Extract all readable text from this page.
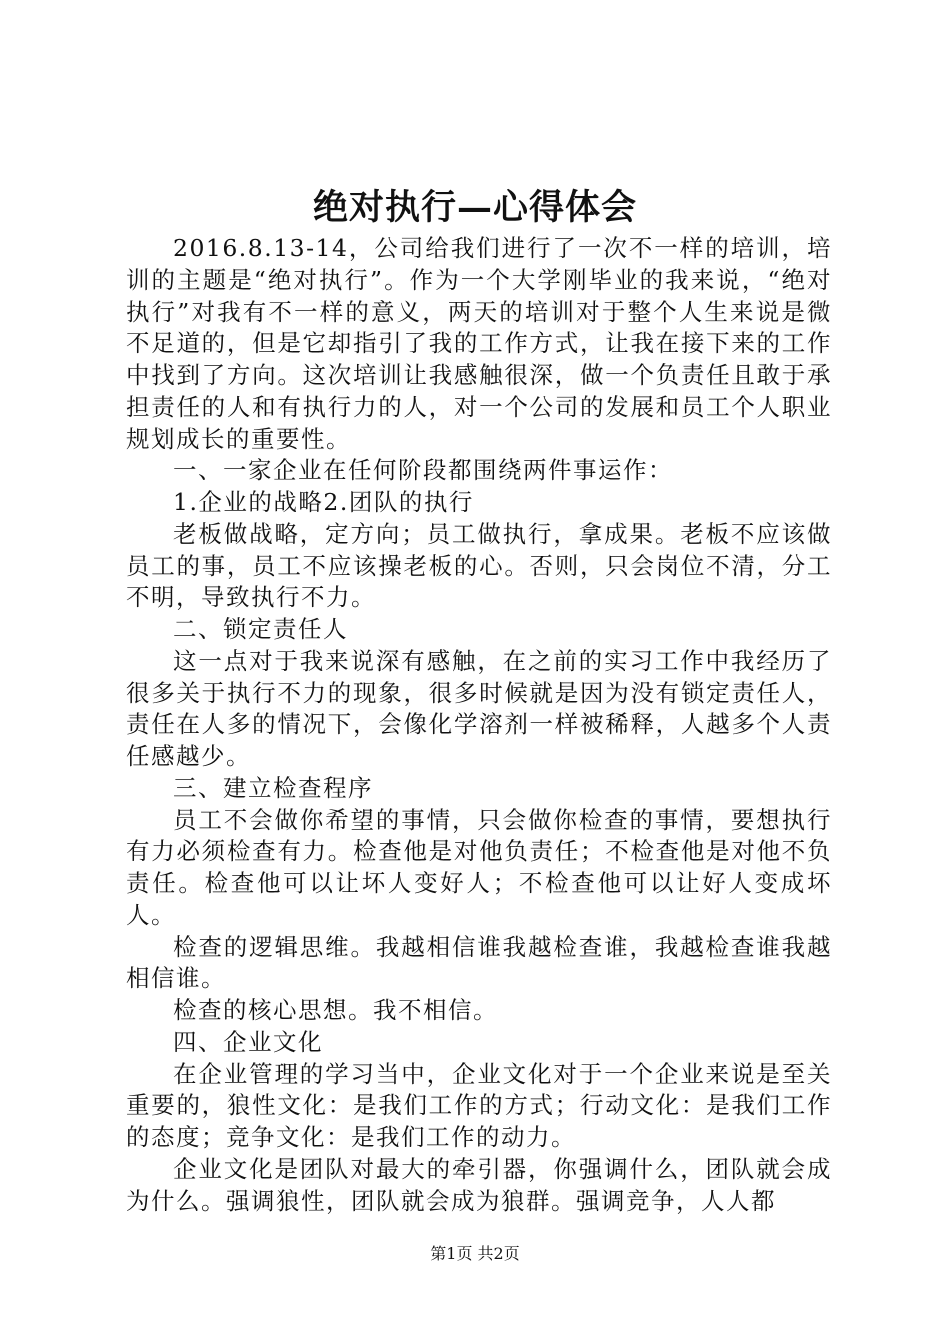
绝对执行—心得体会

2016.8.13-14，公司给我们进行了一次不一样的培训，培训的主题是“绝对执行”。作为一个大学刚毕业的我来说，“绝对执行”对我有不一样的意义，两天的培训对于整个人生来说是微不足道的，但是它却指引了我的工作方式，让我在接下来的工作中找到了方向。这次培训让我感触很深，做一个负责任且敢于承担责任的人和有执行力的人，对一个公司的发展和员工个人职业规划成长的重要性。

一、一家企业在任何阶段都围绕两件事运作：

1.企业的战略2.团队的执行

老板做战略，定方向；员工做执行，拿成果。老板不应该做员工的事，员工不应该操老板的心。否则，只会岗位不清，分工不明，导致执行不力。

二、锁定责任人

这一点对于我来说深有感触，在之前的实习工作中我经历了很多关于执行不力的现象，很多时候就是因为没有锁定责任人，责任在人多的情况下，会像化学溶剂一样被稀释，人越多个人责任感越少。

三、建立检查程序

员工不会做你希望的事情，只会做你检查的事情，要想执行有力必须检查有力。检查他是对他负责任；不检查他是对他不负责任。检查他可以让坏人变好人；不检查他可以让好人变成坏人。

检查的逻辑思维。我越相信谁我越检查谁，我越检查谁我越相信谁。

检查的核心思想。我不相信。

四、企业文化

在企业管理的学习当中，企业文化对于一个企业来说是至关重要的，狼性文化：是我们工作的方式；行动文化：是我们工作的态度；竞争文化：是我们工作的动力。

企业文化是团队对最大的牵引器，你强调什么，团队就会成为什么。强调狼性，团队就会成为狼群。强调竞争，人人都

第1页 共2页
